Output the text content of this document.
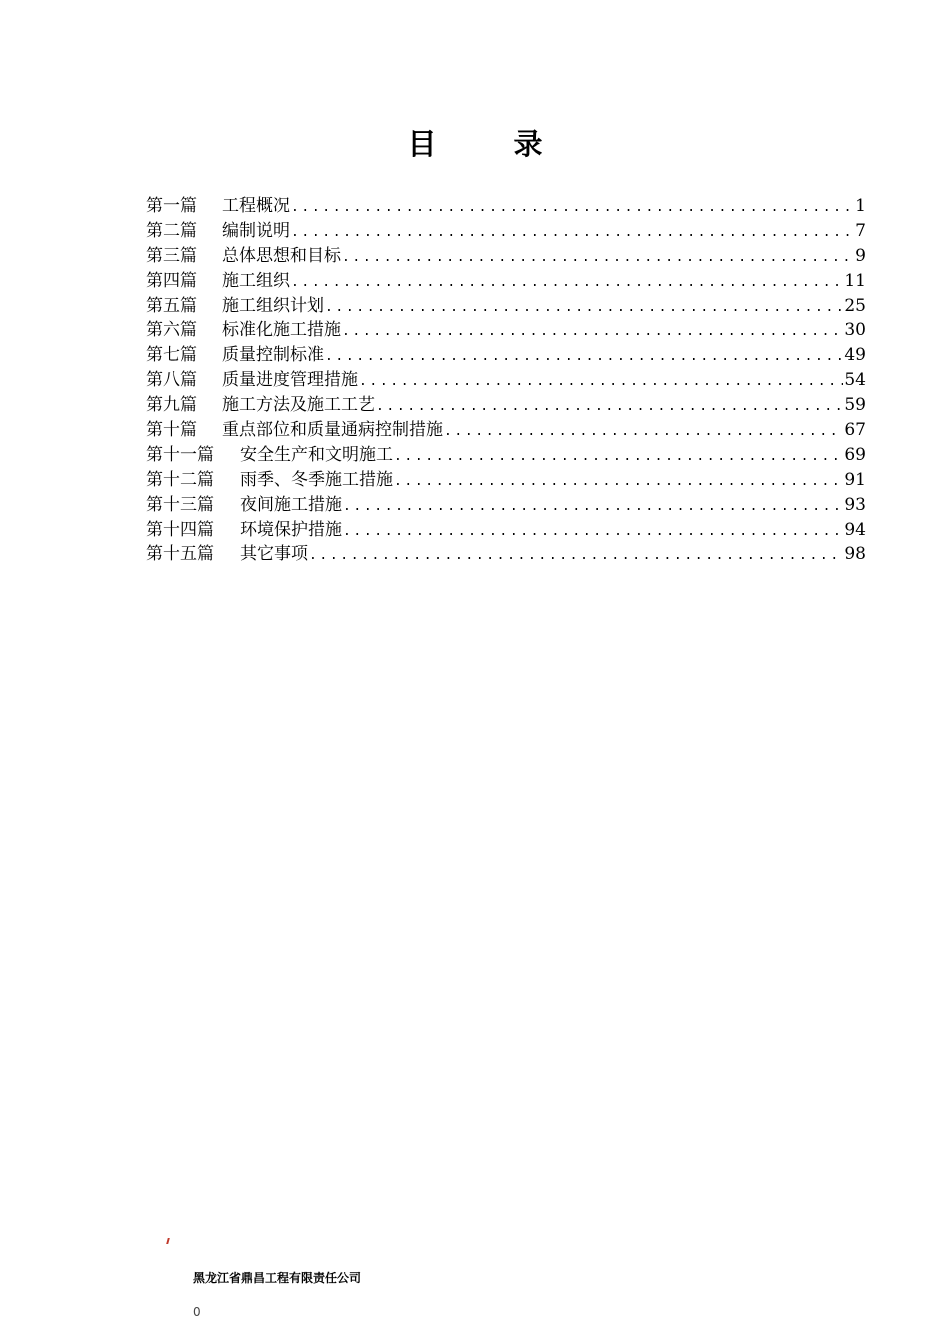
目　录
第一篇	工程概况 .....	1
第二篇	编制说明 .....	7
第三篇	总体思想和目标 .....	9
第四篇	施工组织 .....	11
第五篇	施工组织计划 .....	25
第六篇	标准化施工措施 .....	30
第七篇	质量控制标准 .....	49
第八篇	质量进度管理措施 .....	54
第九篇	施工方法及施工工艺 .....	59
第十篇	重点部位和质量通病控制措施 .....	67
第十一篇	安全生产和文明施工 .....	69
第十二篇	雨季、冬季施工措施 .....	91
第十三篇	夜间施工措施 .....	93
第十四篇	环境保护措施 .....	94
第十五篇	其它事项 .....	98
黑龙江省鼎昌工程有限责任公司
0
